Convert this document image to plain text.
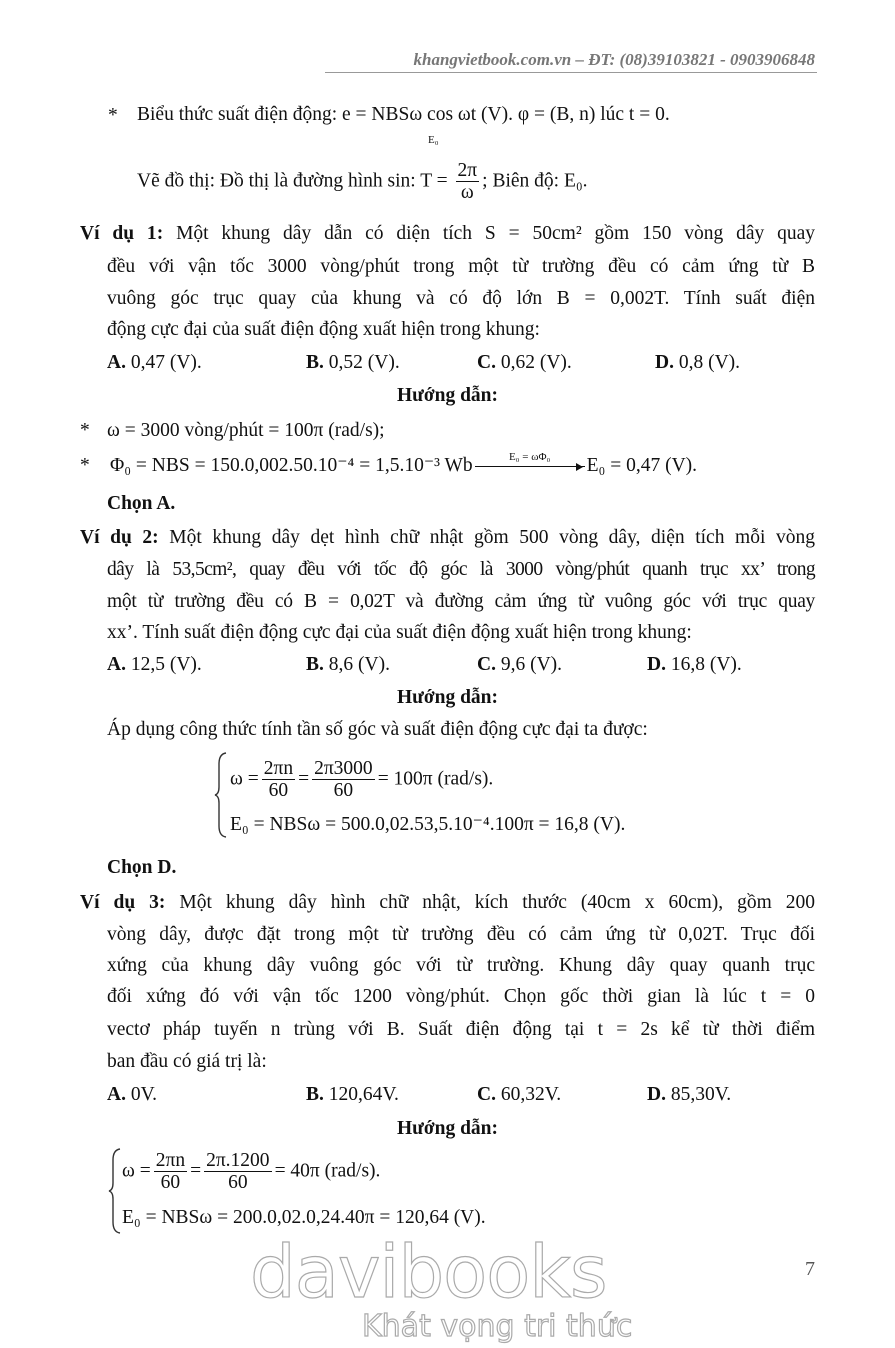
khangvietbook.com.vn – ĐT: (08)39103821 - 0903906848
* Biểu thức suất điện động: e = NBSω cos ωt (V). φ = (B, n) lúc t = 0.
E₀
Vẽ đồ thị: Đồ thị là đường hình sin: $T = \frac{2\pi}{\omega}$ ; Biên độ: E₀.
Ví dụ 1: Một khung dây dẫn có diện tích S = 50cm² gồm 150 vòng dây quay
đều với vận tốc 3000 vòng/phút trong một từ trường đều có cảm ứng từ B
vuông góc trục quay của khung và có độ lớn B = 0,002T. Tính suất điện
động cực đại của suất điện động xuất hiện trong khung:
A. 0,47 (V).	B. 0,52 (V).	C. 0,62 (V).	D. 0,8 (V).
Hướng dẫn:
* ω = 3000 vòng/phút = 100π (rad/s);
* Φ₀ = NBS = 150.0,002.50.10⁻⁴ = 1,5.10⁻³ Wb	E₀ = ωΦ₀	E₀ = 0,47 (V).
Chọn A.
Ví dụ 2: Một khung dây dẹt hình chữ nhật gồm 500 vòng dây, diện tích mỗi vòng
dây là 53,5cm², quay đều với tốc độ góc là 3000 vòng/phút quanh trục xx’ trong
một từ trường đều có B = 0,02T và đường cảm ứng từ vuông góc với trục quay
xx’. Tính suất điện động cực đại của suất điện động xuất hiện trong khung:
A. 12,5 (V).	B. 8,6 (V).	C. 9,6 (V).	D. 16,8 (V).
Hướng dẫn:
Áp dụng công thức tính tần số góc và suất điện động cực đại ta được:
$\omega = \frac{2\pi n}{60} = \frac{2\pi 3000}{60} = 100\pi$ (rad/s).
E₀ = NBSω = 500.0,02.53,5.10⁻⁴.100π = 16,8 (V).
Chọn D.
Ví dụ 3: Một khung dây hình chữ nhật, kích thước (40cm x 60cm), gồm 200
vòng dây, được đặt trong một từ trường đều có cảm ứng từ 0,02T. Trục đối
xứng của khung dây vuông góc với từ trường. Khung dây quay quanh trục
đối xứng đó với vận tốc 1200 vòng/phút. Chọn gốc thời gian là lúc t = 0
vectơ pháp tuyến n trùng với B. Suất điện động tại t = 2s kể từ thời điểm
ban đầu có giá trị là:
A. 0V.	B. 120,64V.	C. 60,32V.	D. 85,30V.
Hướng dẫn:
$\omega = \frac{2\pi n}{60} = \frac{2\pi.1200}{60} = 40\pi$ (rad/s).
E₀ = NBSω = 200.0,02.0,24.40π = 120,64 (V).
7
davibooks
Khát vọng tri thức
